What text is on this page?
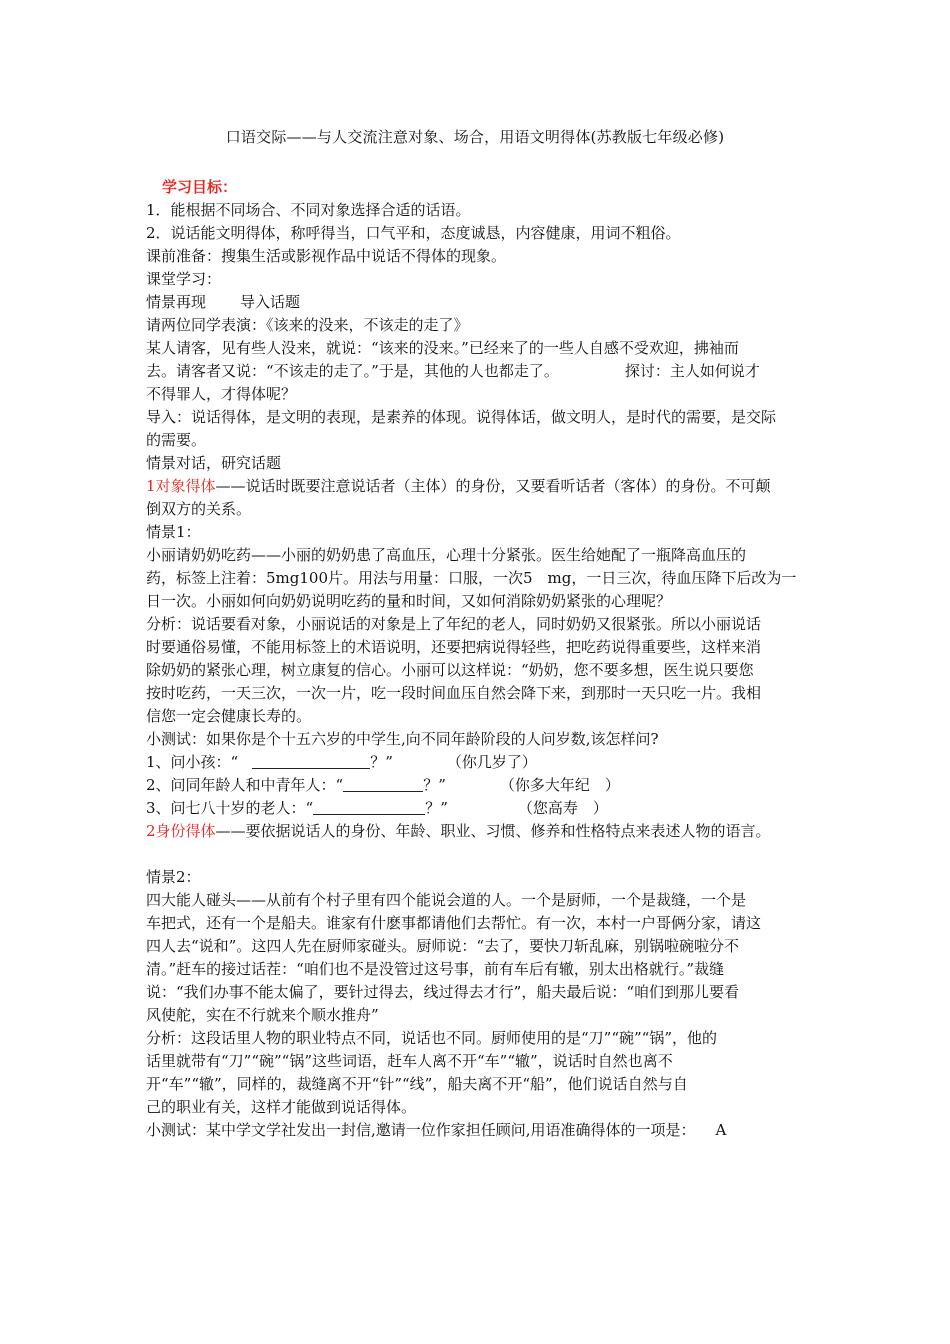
口语交际——与人交流注意对象、场合，用语文明得体(苏教版七年级必修)

学习目标：

1．能根据不同场合、不同对象选择合适的话语。

2．说话能文明得体，称呼得当，口气平和，态度诚恳，内容健康，用词不粗俗。

课前准备：搜集生活或影视作品中说话不得体的现象。

课堂学习：

情景再现 导入话题

请两位同学表演：《该来的没来，不该走的走了》

某人请客，见有些人没来，就说：“该来的没来。”已经来了的一些人自感不受欢迎，拂袖而

去。请客者又说：“不该走的走了。”于是，其他的人也都走了。	探讨：主人如何说才

不得罪人，才得体呢？

导入：说话得体，是文明的表现，是素养的体现。说得体话，做文明人，是时代的需要，是交际

的需要。

情景对话，研究话题

1对象得体——说话时既要注意说话者（主体）的身份，又要看听话者（客体）的身份。不可颠

倒双方的关系。

情景1：

小丽请奶奶吃药——小丽的奶奶患了高血压，心理十分紧张。医生给她配了一瓶降高血压的

药，标签上注着：5mg100片。用法与用量：口服，一次5　mg，一日三次，待血压降下后改为一

日一次。小丽如何向奶奶说明吃药的量和时间，又如何消除奶奶紧张的心理呢？

分析：说话要看对象，小丽说话的对象是上了年纪的老人，同时奶奶又很紧张。所以小丽说话

时要通俗易懂，不能用标签上的术语说明，还要把病说得轻些，把吃药说得重要些，这样来消

除奶奶的紧张心理，树立康复的信心。小丽可以这样说：“奶奶，您不要多想，医生说只要您

按时吃药，一天三次，一次一片，吃一段时间血压自然会降下来，到那时一天只吃一片。我相

信您一定会健康长寿的。

小测试：如果你是个十五六岁的中学生,向不同年龄阶段的人问岁数,该怎样问?

1、问小孩：“	？”	（你几岁了）

2、问同年龄人和中青年人：“	？”	（你多大年纪　）

3、问七八十岁的老人：“	？”	（您高寿　）

2身份得体——要依据说话人的身份、年龄、职业、习惯、修养和性格特点来表述人物的语言。

情景2：

四大能人碰头——从前有个村子里有四个能说会道的人。一个是厨师，一个是裁缝，一个是

车把式，还有一个是船夫。谁家有什麽事都请他们去帮忙。有一次，本村一户哥俩分家，请这

四人去“说和”。这四人先在厨师家碰头。厨师说：“去了，要快刀斩乱麻，别锅啦碗啦分不

清。”赶车的接过话茬：“咱们也不是没管过这号事，前有车后有辙，别太出格就行。”裁缝

说：“我们办事不能太偏了，要针过得去，线过得去才行”，船夫最后说：“咱们到那儿要看

风使舵，实在不行就来个顺水推舟”

分析：这段话里人物的职业特点不同，说话也不同。厨师使用的是“刀”“碗”“锅”，他的

话里就带有“刀”“碗”“锅”这些词语，赶车人离不开“车”“辙”，说话时自然也离不

开“车”“辙”，同样的，裁缝离不开“针”“线”，船夫离不开“船”，他们说话自然与自

己的职业有关，这样才能做到说话得体。

小测试：某中学文学社发出一封信,邀请一位作家担任顾问,用语准确得体的一项是： A
